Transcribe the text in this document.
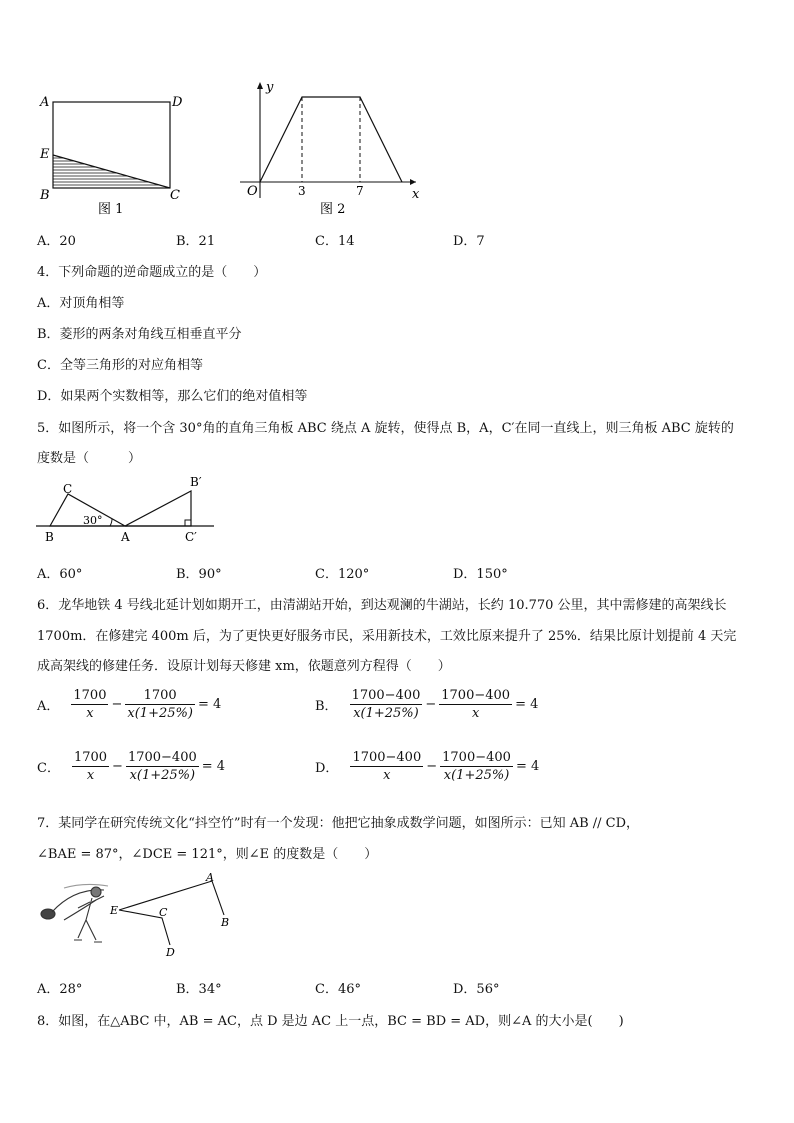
A	D
E
B	C
图 1
y
O	3	7	x
图 2
A．20	B．21	C．14	D．7
4．下列命题的逆命题成立的是（　　）
A．对顶角相等
B．菱形的两条对角线互相垂直平分
C．全等三角形的对应角相等
D．如果两个实数相等，那么它们的绝对值相等
5．如图所示，将一个含 30°角的直角三角板 ABC 绕点 A 旋转，使得点 B，A，C′在同一直线上，则三角板 ABC 旋转的
度数是（　　　）
C
30°
B	A
B′
C′
A．60°	B．90°	C．120°	D．150°
6．龙华地铁 4 号线北延计划如期开工，由清湖站开始，到达观澜的牛湖站，长约 10.770 公里，其中需修建的高架线长
1700m．在修建完 400m 后，为了更快更好服务市民，采用新技术，工效比原来提升了 25%．结果比原计划提前 4 天完
成高架线的修建任务．设原计划每天修建 xm，依题意列方程得（　　）
A． $\frac{1700}{x} - \frac{1700}{x(1+25\%)} = 4$	B． $\frac{1700-400}{x(1+25\%)} - \frac{1700-400}{x} = 4$
C． $\frac{1700}{x} - \frac{1700-400}{x(1+25\%)} = 4$	D． $\frac{1700-400}{x} - \frac{1700-400}{x(1+25\%)} = 4$
7．某同学在研究传统文化“抖空竹”时有一个发现：他把它抽象成数学问题，如图所示：已知 AB // CD，
∠BAE = 87°，∠DCE = 121°，则∠E 的度数是（　　）
A
B
C
D
E
A．28°	B．34°	C．46°	D．56°
8．如图，在△ABC 中，AB = AC，点 D 是边 AC 上一点，BC = BD = AD，则∠A 的大小是(　　)
